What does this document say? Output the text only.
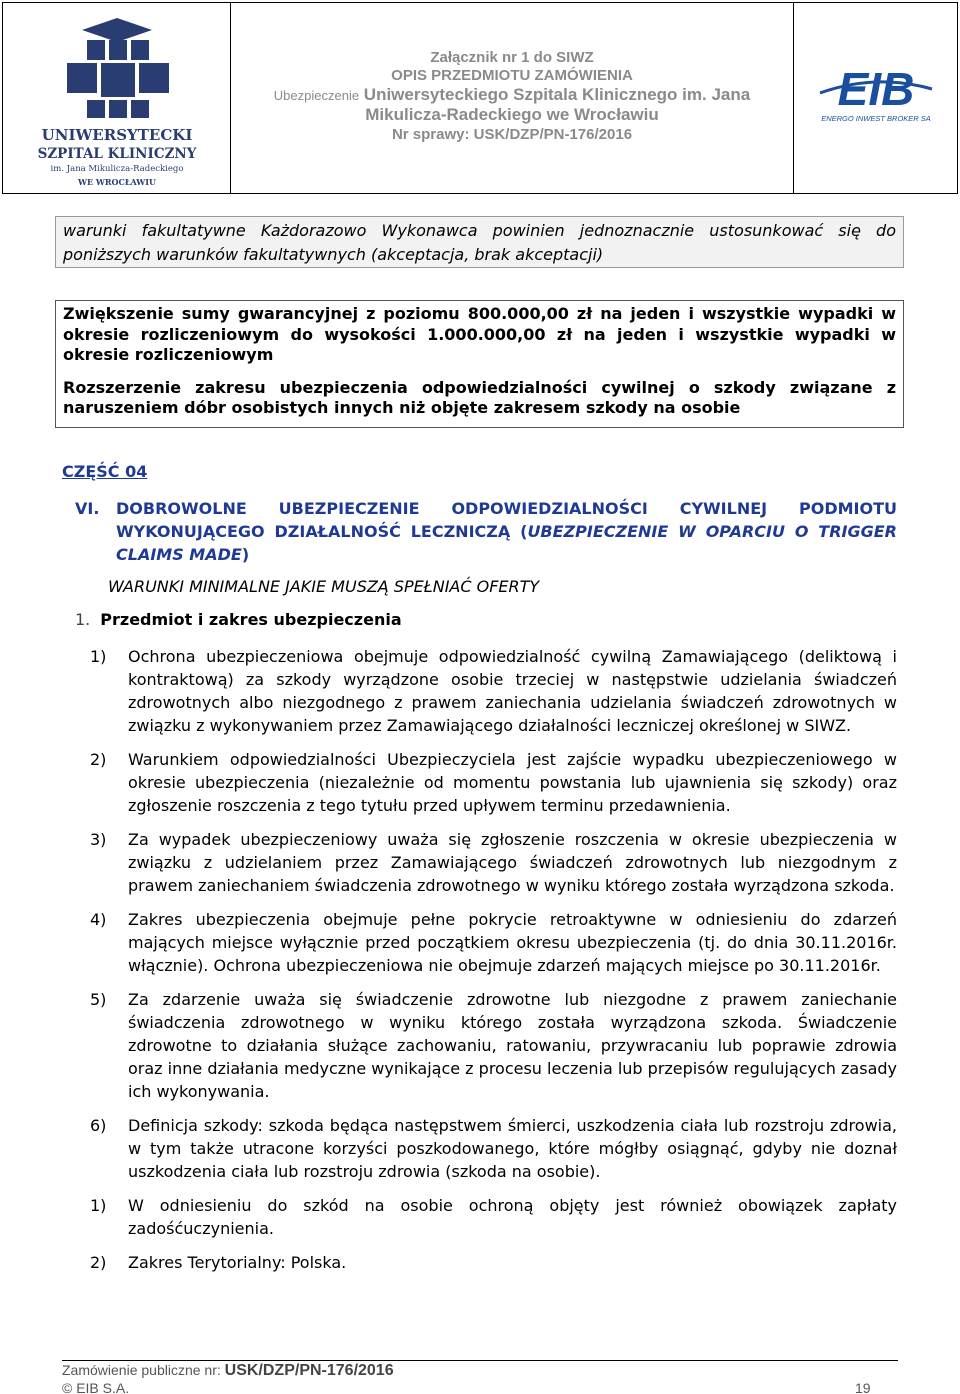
UNIWERSYTECKI
SZPITAL KLINICZNY
im. Jana Mikulicza-Radeckiego
WE WROCŁAWIU
Załącznik nr 1 do SIWZ
OPIS PRZEDMIOTU ZAMÓWIENIA
Ubezpieczenie Uniwersyteckiego Szpitala Klinicznego im. Jana
Mikulicza-Radeckiego we Wrocławiu
Nr sprawy: USK/DZP/PN-176/2016
EIB
ENERGO INWEST BROKER SA
warunki fakultatywne Każdorazowo Wykonawca powinien jednoznacznie ustosunkować się do poniższych warunków fakultatywnych (akceptacja, brak akceptacji)

Zwiększenie sumy gwarancyjnej z poziomu 800.000,00 zł na jeden i wszystkie wypadki w okresie rozliczeniowym do wysokości 1.000.000,00 zł na jeden i wszystkie wypadki w okresie rozliczeniowym

Rozszerzenie zakresu ubezpieczenia odpowiedzialności cywilnej o szkody związane z naruszeniem dóbr osobistych innych niż objęte zakresem szkody na osobie

CZĘŚĆ 04
VI. DOBROWOLNE UBEZPIECZENIE ODPOWIEDZIALNOŚCI CYWILNEJ PODMIOTU WYKONUJĄCEGO DZIAŁALNOŚĆ LECZNICZĄ (UBEZPIECZENIE W OPARCIU O TRIGGER CLAIMS MADE)
WARUNKI MINIMALNE JAKIE MUSZĄ SPEŁNIAĆ OFERTY
1. Przedmiot i zakres ubezpieczenia
1) Ochrona ubezpieczeniowa obejmuje odpowiedzialność cywilną Zamawiającego (deliktową i kontraktową) za szkody wyrządzone osobie trzeciej w następstwie udzielania świadczeń zdrowotnych albo niezgodnego z prawem zaniechania udzielania świadczeń zdrowotnych w związku z wykonywaniem przez Zamawiającego działalności leczniczej określonej w SIWZ.
2) Warunkiem odpowiedzialności Ubezpieczyciela jest zajście wypadku ubezpieczeniowego w okresie ubezpieczenia (niezależnie od momentu powstania lub ujawnienia się szkody) oraz zgłoszenie roszczenia z tego tytułu przed upływem terminu przedawnienia.
3) Za wypadek ubezpieczeniowy uważa się zgłoszenie roszczenia w okresie ubezpieczenia w związku z udzielaniem przez Zamawiającego świadczeń zdrowotnych lub niezgodnym z prawem zaniechaniem świadczenia zdrowotnego w wyniku którego została wyrządzona szkoda.
4) Zakres ubezpieczenia obejmuje pełne pokrycie retroaktywne w odniesieniu do zdarzeń mających miejsce wyłącznie przed początkiem okresu ubezpieczenia (tj. do dnia 30.11.2016r. włącznie). Ochrona ubezpieczeniowa nie obejmuje zdarzeń mających miejsce po 30.11.2016r.
5) Za zdarzenie uważa się świadczenie zdrowotne lub niezgodne z prawem zaniechanie świadczenia zdrowotnego w wyniku którego została wyrządzona szkoda. Świadczenie zdrowotne to działania służące zachowaniu, ratowaniu, przywracaniu lub poprawie zdrowia oraz inne działania medyczne wynikające z procesu leczenia lub przepisów regulujących zasady ich wykonywania.
6) Definicja szkody: szkoda będąca następstwem śmierci, uszkodzenia ciała lub rozstroju zdrowia, w tym także utracone korzyści poszkodowanego, które mógłby osiągnąć, gdyby nie doznał uszkodzenia ciała lub rozstroju zdrowia (szkoda na osobie).
1) W odniesieniu do szkód na osobie ochroną objęty jest również obowiązek zapłaty zadośćuczynienia.
2) Zakres Terytorialny: Polska.
Zamówienie publiczne nr: USK/DZP/PN-176/2016
© EIB S.A.	19
